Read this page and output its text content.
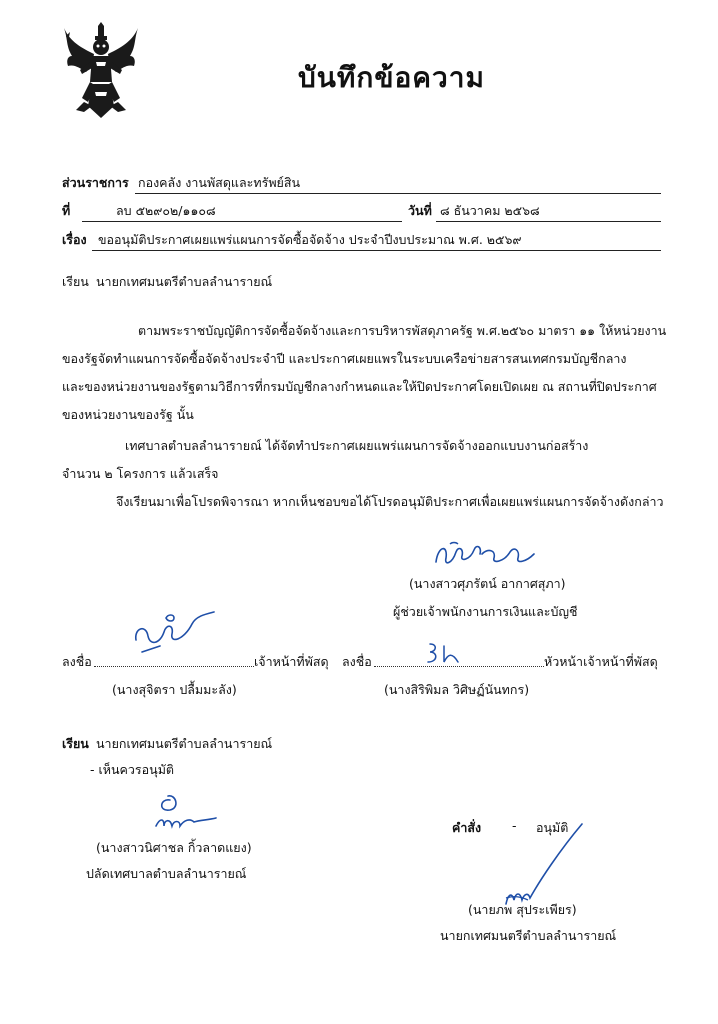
บันทึกข้อความ
ส่วนราชการ กองคลัง งานพัสดุและทรัพย์สิน
ที่	ลบ ๕๒๙๐๒/๑๑๐๘	วันที่ ๘ ธันวาคม ๒๕๖๘
เรื่อง ขออนุมัติประกาศเผยแพร่แผนการจัดซื้อจัดจ้าง ประจำปีงบประมาณ พ.ศ. ๒๕๖๙
เรียน นายกเทศมนตรีตำบลลำนารายณ์
ตามพระราชบัญญัติการจัดซื้อจัดจ้างและการบริหารพัสดุภาครัฐ พ.ศ.๒๕๖๐ มาตรา ๑๑ ให้หน่วยงาน
ของรัฐจัดทำแผนการจัดซื้อจัดจ้างประจำปี และประกาศเผยแพรในระบบเครือข่ายสารสนเทศกรมบัญชีกลาง
และของหน่วยงานของรัฐตามวิธีการที่กรมบัญชีกลางกำหนดและให้ปิดประกาศโดยเปิดเผย ณ สถานที่ปิดประกาศ
ของหน่วยงานของรัฐ นั้น
เทศบาลตำบลลำนารายณ์ ได้จัดทำประกาศเผยแพร่แผนการจัดจ้างออกแบบงานก่อสร้าง
จำนวน ๒ โครงการ แล้วเสร็จ
จึงเรียนมาเพื่อโปรดพิจารณา หากเห็นชอบขอได้โปรดอนุมัติประกาศเพื่อเผยแพร่แผนการจัดจ้างดังกล่าว
(นางสาวศุภรัตน์ อากาศสุภา)
ผู้ช่วยเจ้าพนักงานการเงินและบัญชี
ลงชื่อ	เจ้าหน้าที่พัสดุ
(นางสุจิตรา ปลื้มมะลัง)
ลงชื่อ	หัวหน้าเจ้าหน้าที่พัสดุ
(นางสิริพิมล วิศิษฏ์นันทกร)
เรียน นายกเทศมนตรีตำบลลำนารายณ์
- เห็นควรอนุมัติ
(นางสาวนิศาชล กิ้วลาดแยง)
ปลัดเทศบาลตำบลลำนารายณ์
คำสั่ง - อนุมัติ
(นายภพ สุประเพียร)
นายกเทศมนตรีตำบลลำนารายณ์
